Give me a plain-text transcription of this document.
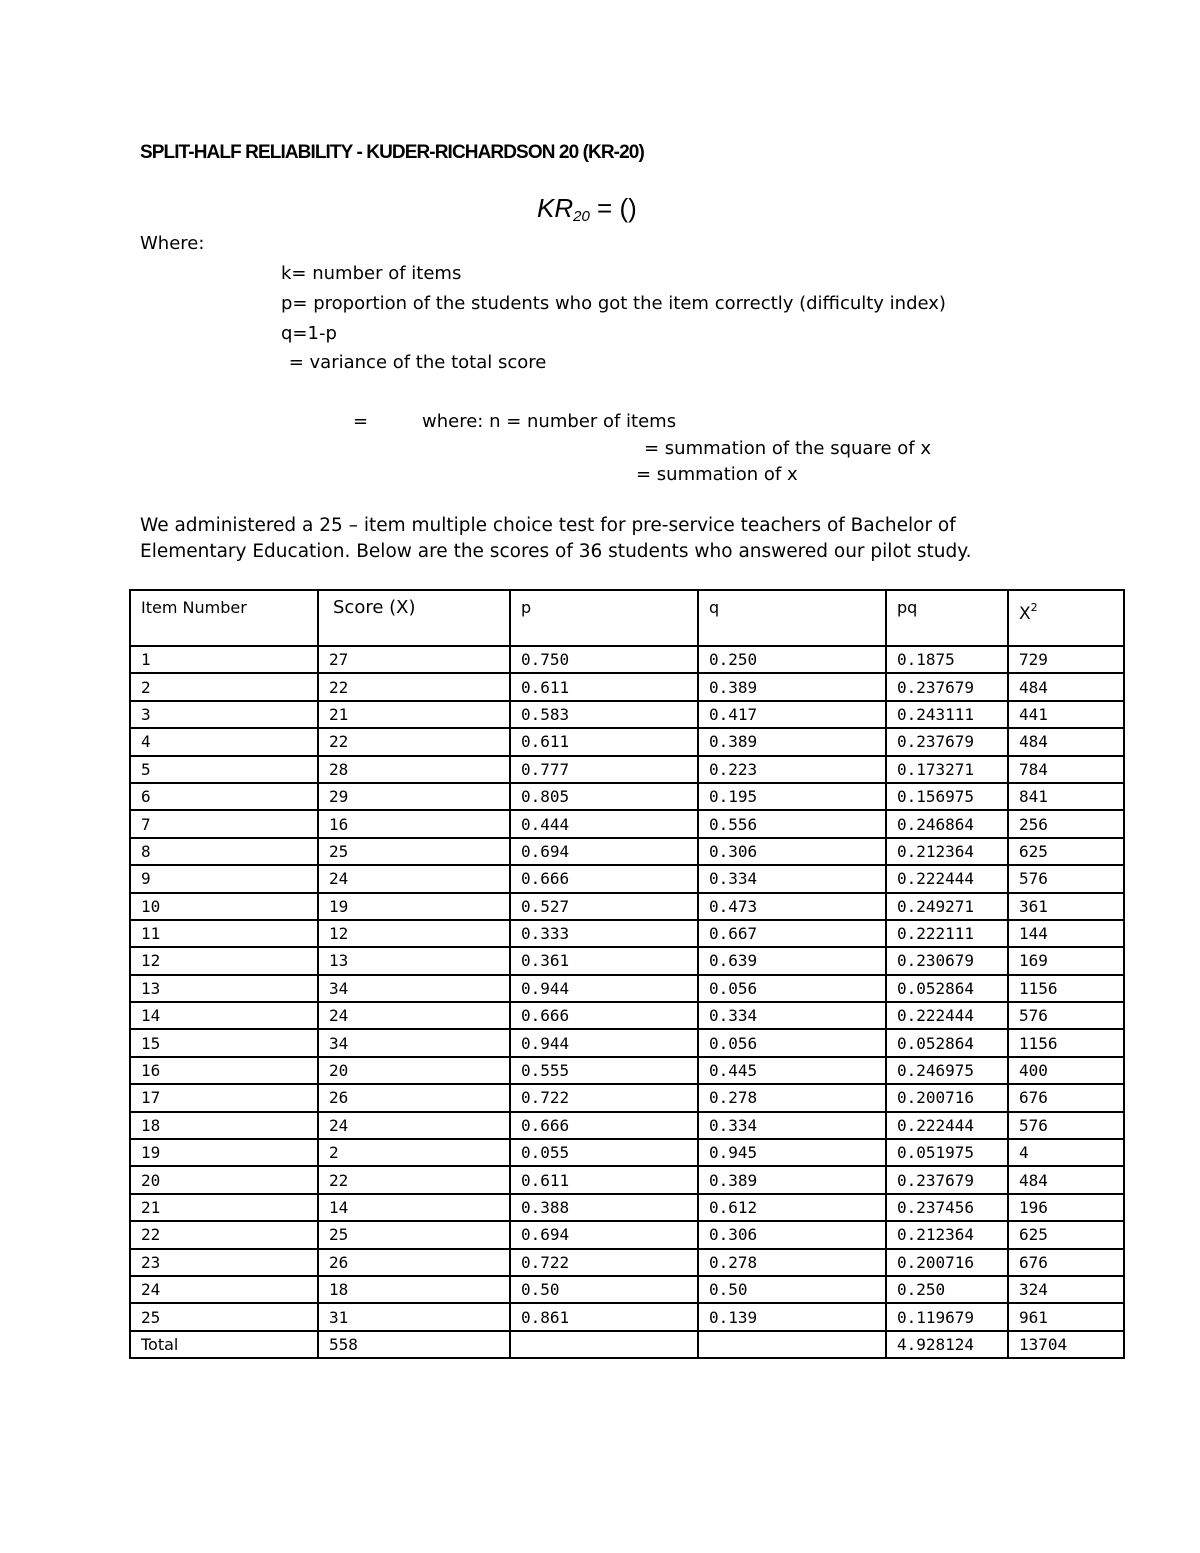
SPLIT-HALF RELIABILITY - KUDER-RICHARDSON 20 (KR-20)
$KR_{20}$ = ()
Where:
k= number of items
p= proportion of the students who got the item correctly (difficulty index)
q=1-p
= variance of the total score
=	where: n = number of items
= summation of the square of x
= summation of x
We administered a 25 – item multiple choice test for pre-service teachers of Bachelor of Elementary Education. Below are the scores of 36 students who answered our pilot study.
Item Number	Score (X)	p	q	pq	$X^2$
1	27	0.750	0.250	0.1875	729
2	22	0.611	0.389	0.237679	484
3	21	0.583	0.417	0.243111	441
4	22	0.611	0.389	0.237679	484
5	28	0.777	0.223	0.173271	784
6	29	0.805	0.195	0.156975	841
7	16	0.444	0.556	0.246864	256
8	25	0.694	0.306	0.212364	625
9	24	0.666	0.334	0.222444	576
10	19	0.527	0.473	0.249271	361
11	12	0.333	0.667	0.222111	144
12	13	0.361	0.639	0.230679	169
13	34	0.944	0.056	0.052864	1156
14	24	0.666	0.334	0.222444	576
15	34	0.944	0.056	0.052864	1156
16	20	0.555	0.445	0.246975	400
17	26	0.722	0.278	0.200716	676
18	24	0.666	0.334	0.222444	576
19	2	0.055	0.945	0.051975	4
20	22	0.611	0.389	0.237679	484
21	14	0.388	0.612	0.237456	196
22	25	0.694	0.306	0.212364	625
23	26	0.722	0.278	0.200716	676
24	18	0.50	0.50	0.250	324
25	31	0.861	0.139	0.119679	961
Total	558			4.928124	13704
